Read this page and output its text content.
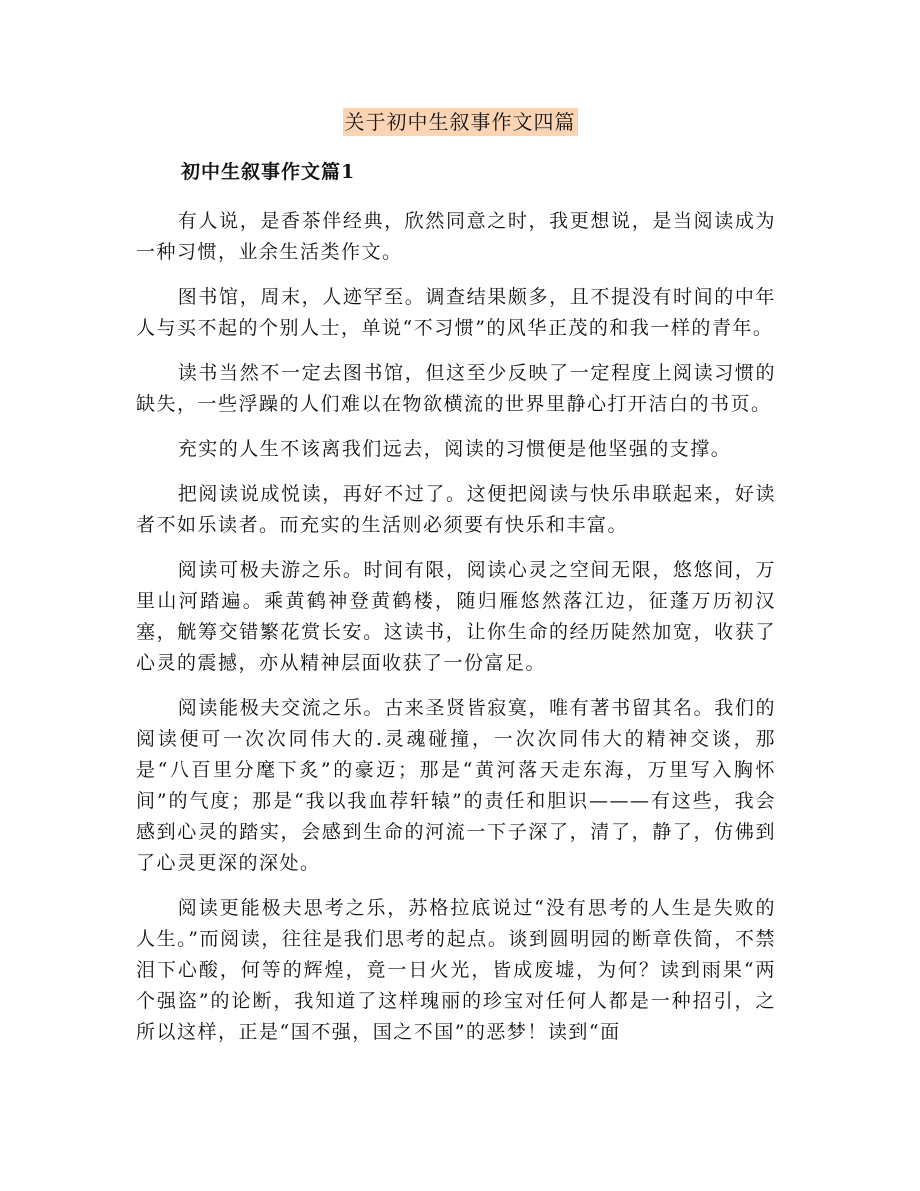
关于初中生叙事作文四篇
初中生叙事作文篇1

有人说，是香茶伴经典，欣然同意之时，我更想说，是当阅读成为一种习惯，业余生活类作文。

图书馆，周末，人迹罕至。调查结果颇多，且不提没有时间的中年人与买不起的个别人士，单说“不习惯”的风华正茂的和我一样的青年。

读书当然不一定去图书馆，但这至少反映了一定程度上阅读习惯的缺失，一些浮躁的人们难以在物欲横流的世界里静心打开洁白的书页。

充实的人生不该离我们远去，阅读的习惯便是他坚强的支撑。

把阅读说成悦读，再好不过了。这便把阅读与快乐串联起来，好读者不如乐读者。而充实的生活则必须要有快乐和丰富。

阅读可极夫游之乐。时间有限，阅读心灵之空间无限，悠悠间，万里山河踏遍。乘黄鹤神登黄鹤楼，随归雁悠然落江边，征蓬万历初汉塞，觥筹交错繁花赏长安。这读书，让你生命的经历陡然加宽，收获了心灵的震撼，亦从精神层面收获了一份富足。

阅读能极夫交流之乐。古来圣贤皆寂寞，唯有著书留其名。我们的阅读便可一次次同伟大的.灵魂碰撞，一次次同伟大的精神交谈，那是“八百里分麾下炙”的豪迈；那是“黄河落天走东海，万里写入胸怀间”的气度；那是“我以我血荐轩辕”的责任和胆识———有这些，我会感到心灵的踏实，会感到生命的河流一下子深了，清了，静了，仿佛到了心灵更深的深处。

阅读更能极夫思考之乐，苏格拉底说过“没有思考的人生是失败的人生。”而阅读，往往是我们思考的起点。谈到圆明园的断章佚简，不禁泪下心酸，何等的辉煌，竟一日火光，皆成废墟，为何？读到雨果“两个强盗”的论断，我知道了这样瑰丽的珍宝对任何人都是一种招引，之所以这样，正是“国不强，国之不国”的恶梦！读到“面
